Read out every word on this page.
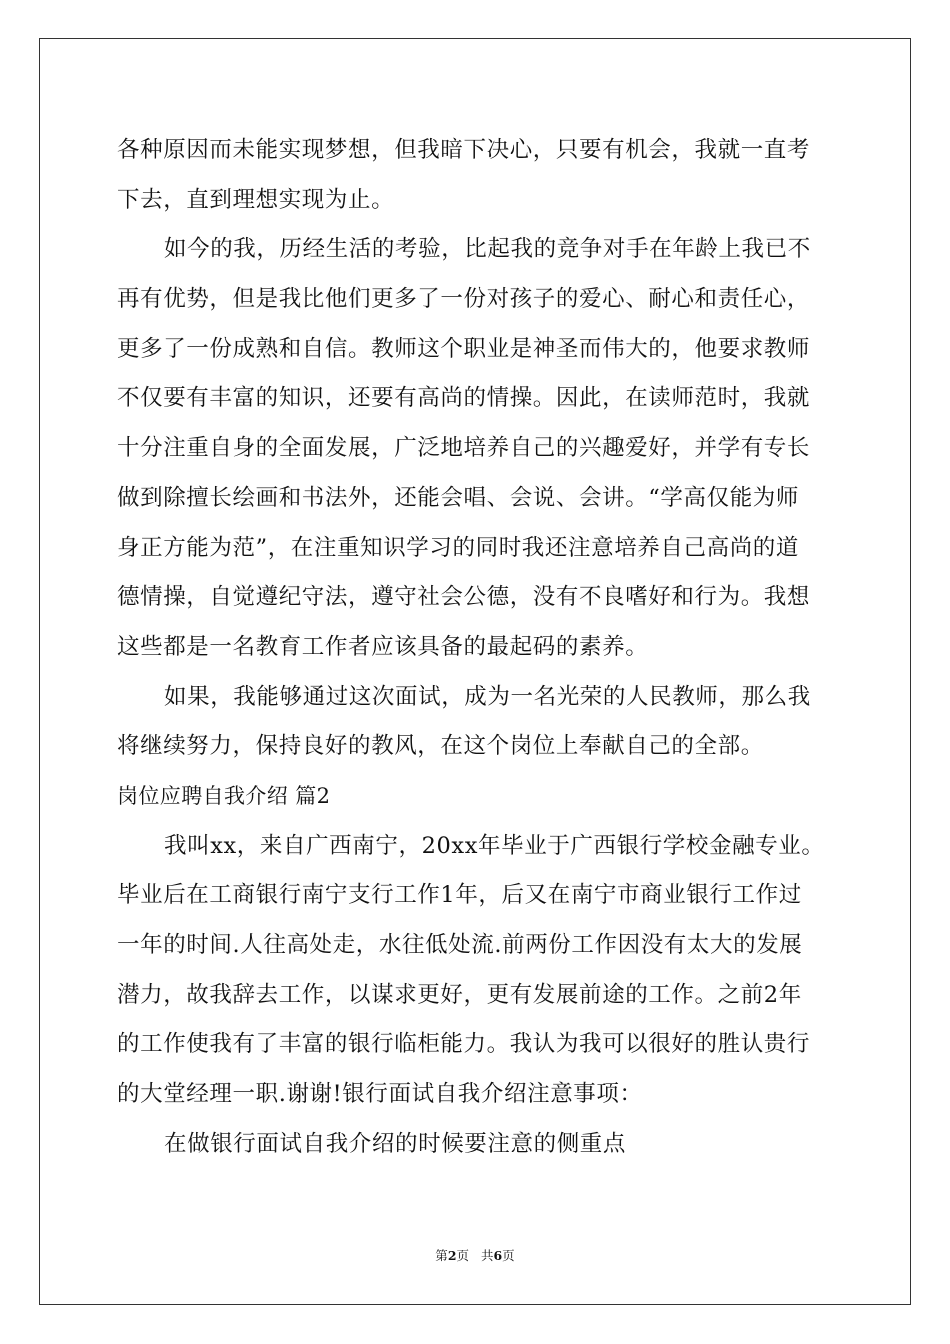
各种原因而未能实现梦想，但我暗下决心，只要有机会，我就一直考
下去，直到理想实现为止。
如今的我，历经生活的考验，比起我的竞争对手在年龄上我已不
再有优势，但是我比他们更多了一份对孩子的爱心、耐心和责任心，
更多了一份成熟和自信。教师这个职业是神圣而伟大的，他要求教师
不仅要有丰富的知识，还要有高尚的情操。因此，在读师范时，我就
十分注重自身的全面发展，广泛地培养自己的兴趣爱好，并学有专长
做到除擅长绘画和书法外，还能会唱、会说、会讲。“学高仅能为师
身正方能为范”，在注重知识学习的同时我还注意培养自己高尚的道
德情操，自觉遵纪守法，遵守社会公德，没有不良嗜好和行为。我想
这些都是一名教育工作者应该具备的最起码的素养。
如果，我能够通过这次面试，成为一名光荣的人民教师，那么我
将继续努力，保持良好的教风，在这个岗位上奉献自己的全部。
岗位应聘自我介绍 篇2
我叫xx，来自广西南宁，20xx年毕业于广西银行学校金融专业。
毕业后在工商银行南宁支行工作1年，后又在南宁市商业银行工作过
一年的时间.人往高处走，水往低处流.前两份工作因没有太大的发展
潜力，故我辞去工作，以谋求更好，更有发展前途的工作。之前2年
的工作使我有了丰富的银行临柜能力。我认为我可以很好的胜认贵行
的大堂经理一职.谢谢!银行面试自我介绍注意事项：
在做银行面试自我介绍的时候要注意的侧重点
第2页 共6页
